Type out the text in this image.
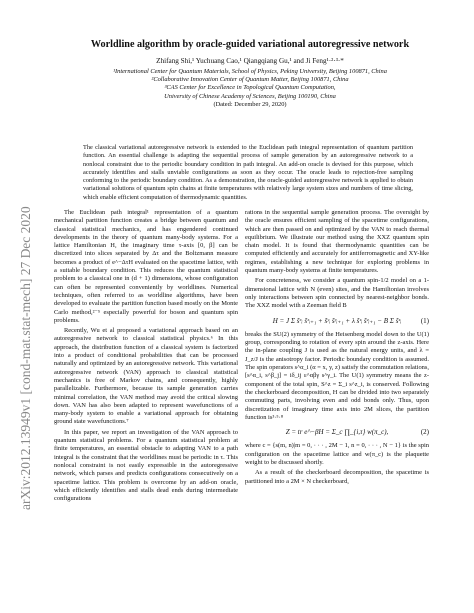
arXiv:2012.13949v1 [cond-mat.stat-mech] 27 Dec 2020
Worldline algorithm by oracle-guided variational autoregressive network
Zhifang Shi,¹ Yuchuang Cao,¹ Qiangqiang Gu,¹ and Ji Feng¹·²·³·*
¹International Center for Quantum Materials, School of Physics, Peking University, Beijing 100871, China
²Collaborative Innovation Center of Quantum Matter, Beijing 100871, China
³CAS Center for Excellence in Topological Quantum Computation,
University of Chinese Academy of Sciences, Beijing 100190, China
(Dated: December 29, 2020)
The classical variational autoregressive network is extended to the Euclidean path integral representation of quantum partition function. An essential challenge is adapting the sequential process of sample generation by an autoregressive network to a nonlocal constraint due to the periodic boundary condition in path integral. An add-on oracle is devised for this purpose, which accurately identifies and stalls unviable configurations as soon as they occur. The oracle leads to rejection-free sampling conforming to the periodic boundary condition. As a demonstration, the oracle-guided autoregressive network is applied to obtain variational solutions of quantum spin chains at finite temperatures with relatively large system sizes and numbers of time slicing, which enable efficient computation of thermodynamic quantities.

The Euclidean path integral¹ representation of a quantum mechanical partition function creates a bridge between quantum and classical statistical mechanics, and has engendered continued developments in the theory of quantum many-body systems. For a lattice Hamiltonian H, the imaginary time τ-axis [0, β] can be discretized into slices separated by Δτ and the Boltzmann measure becomes a product of e^−ΔτH evaluated on the spacetime lattice, with a suitable boundary condition. This reduces the quantum statistical problem to a classical one in (d + 1) dimensions, whose configuration can often be represented conveniently by worldlines. Numerical techniques, often referred to as worldline algorithms, have been developed to evaluate the partition function based mostly on the Monte Carlo method,²⁻⁵ especially powerful for boson and quantum spin problems.

Recently, Wu et al proposed a variational approach based on an autoregressive network to classical statistical physics.⁶ In this approach, the distribution function of a classical system is factorized into a product of conditional probabilities that can be processed naturally and optimized by an autoregressive network. This variational autoregressive network (VAN) approach to classical statistical mechanics is free of Markov chains, and consequently, highly parallelizable. Furthermore, because its sample generation carries minimal correlation, the VAN method may avoid the critical slowing down. VAN has also been adapted to represent wavefunctions of a many-body system to enable a variational approach for obtaining ground state wavefunctions.⁷

In this paper, we report an investigation of the VAN approach to quantum statistical problems. For a quantum statistical problem at finite temperatures, an essential obstacle to adapting VAN to a path integral is the constraint that the worldlines must be periodic in τ. This nonlocal constraint is not easily expressible in the autoregressive network, which parses and predicts configurations consecutively on a spacetime lattice. This problem is overcome by an add-on oracle, which efficiently identifies and stalls dead ends during intermediate configurations

rations in the sequential sample generation process. The oversight by the oracle ensures efficient sampling of the spacetime configurations, which are then passed on and optimized by the VAN to reach thermal equilibrium. We illustrate our method using the XXZ quantum spin chain model. It is found that thermodynamic quantities can be computed efficiently and accurately for antiferromagnetic and XY-like regimes, establishing a new technique for exploring problems in quantum many-body systems at finite temperatures.

For concreteness, we consider a quantum spin-1/2 model on a 1-dimensional lattice with N (even) sites, and the Hamiltonian involves only interactions between spin connected by nearest-neighbor bonds. The XXZ model with a Zeeman field B

H = J Σ s̃ˣᵢ s̃ˣᵢ₊₁ + s̃ʸᵢ s̃ʸᵢ₊₁ + λ s̃ᶻᵢ s̃ᶻᵢ₊₁ − B Σ s̃ᶻᵢ	(1)

breaks the SU(2) symmetry of the Heisenberg model down to the U(1) group, corresponding to rotation of every spin around the z-axis. Here the in-plane coupling J is used as the natural energy units, and λ = J_z/J is the anisotropy factor. Periodic boundary condition is assumed. The spin operators s^α_i (α = x, y, z) satisfy the commutation relations, [s^α_i, s^β_j] = iδ_ij ε^αβγ s^γ_i. The U(1) symmetry means the z-component of the total spin, S^z = Σ_i s^z_i, is conserved. Following the checkerboard decomposition, H can be divided into two separately commuting parts, involving even and odd bonds only. Thus, upon discretization of imaginary time axis into 2M slices, the partition function is³·⁵·⁸

Z = tr e^−βH = Σ_c ∏_{i,τ} w(π_c),	(2)

where c = {s(m, n)|m = 0, · · · , 2M − 1, n = 0, · · · , N − 1} is the spin configuration on the spacetime lattice and w(π_c) is the plaquette weight to be discussed shortly.

As a result of the checkerboard decomposition, the spacetime is partitioned into a 2M × N checkerboard,
